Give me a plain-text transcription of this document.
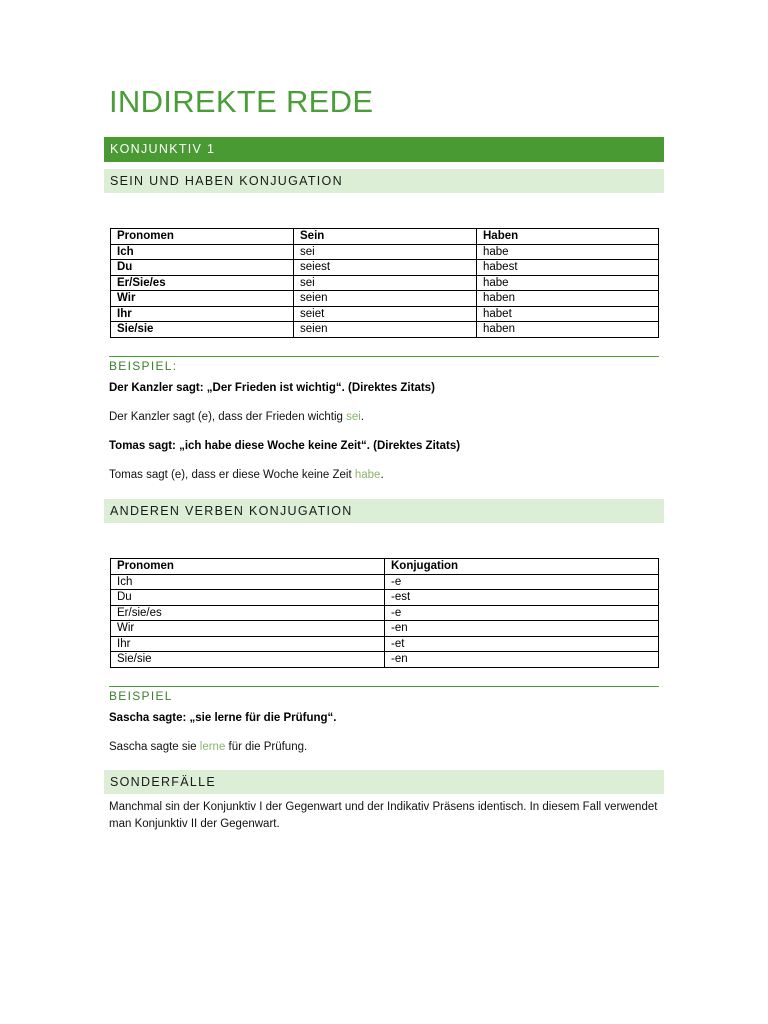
INDIREKTE REDE
KONJUNKTIV 1
SEIN UND HABEN KONJUGATION
Pronomen	Sein	Haben
Ich	sei	habe
Du	seiest	habest
Er/Sie/es	sei	habe
Wir	seien	haben
Ihr	seiet	habet
Sie/sie	seien	haben
BEISPIEL:
Der Kanzler sagt: „Der Frieden ist wichtig“. (Direktes Zitats)
Der Kanzler sagt (e), dass der Frieden wichtig sei.
Tomas sagt: „ich habe diese Woche keine Zeit“. (Direktes Zitats)
Tomas sagt (e), dass er diese Woche keine Zeit habe.
ANDEREN VERBEN KONJUGATION
Pronomen	Konjugation
Ich	-e
Du	-est
Er/sie/es	-e
Wir	-en
Ihr	-et
Sie/sie	-en
BEISPIEL
Sascha sagte: „sie lerne für die Prüfung“.
Sascha sagte sie lerne für die Prüfung.
SONDERFÄLLE
Manchmal sin der Konjunktiv I der Gegenwart und der Indikativ Präsens identisch. In diesem Fall verwendet man Konjunktiv II der Gegenwart.
